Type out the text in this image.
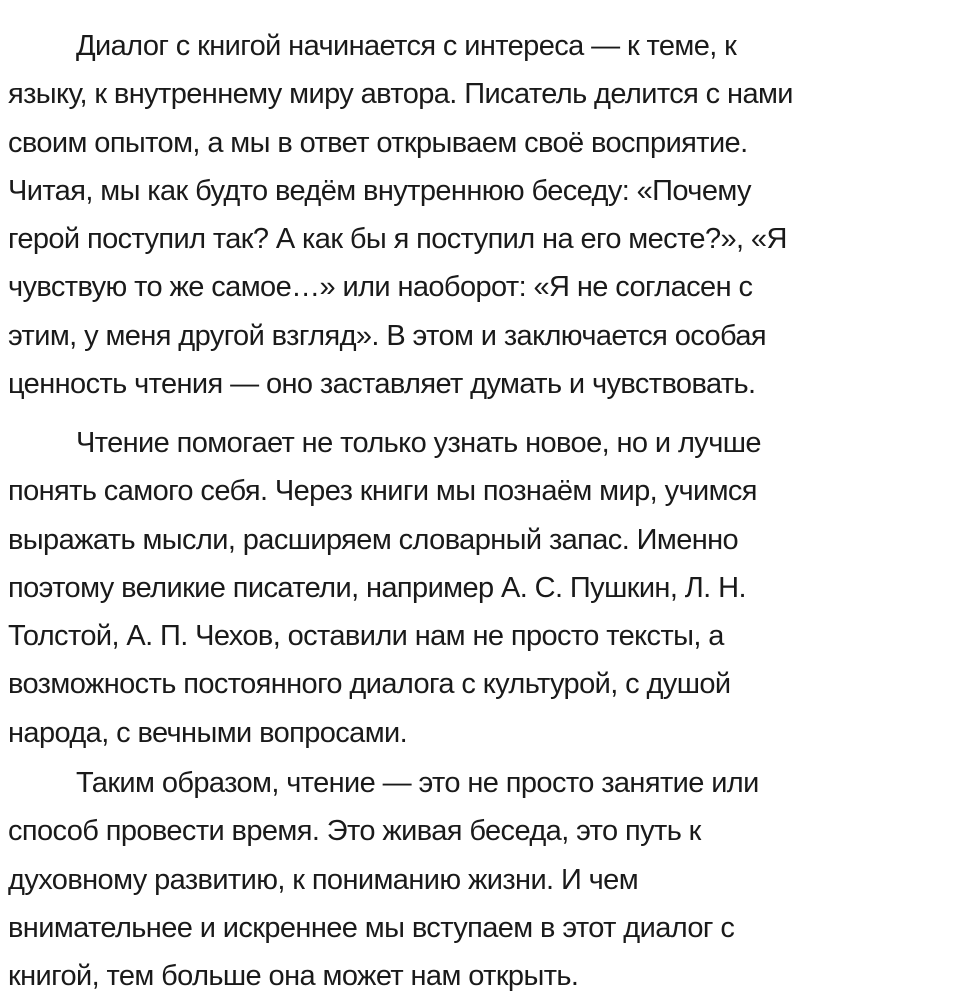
Диалог с книгой начинается с интереса — к теме, к
языку, к внутреннему миру автора. Писатель делится с нами
своим опытом, а мы в ответ открываем своё восприятие.
Читая, мы как будто ведём внутреннюю беседу: «Почему
герой поступил так? А как бы я поступил на его месте?», «Я
чувствую то же самое…» или наоборот: «Я не согласен с
этим, у меня другой взгляд». В этом и заключается особая
ценность чтения — оно заставляет думать и чувствовать.
Чтение помогает не только узнать новое, но и лучше
понять самого себя. Через книги мы познаём мир, учимся
выражать мысли, расширяем словарный запас. Именно
поэтому великие писатели, например А. С. Пушкин, Л. Н.
Толстой, А. П. Чехов, оставили нам не просто тексты, а
возможность постоянного диалога с культурой, с душой
народа, с вечными вопросами.
Таким образом, чтение — это не просто занятие или
способ провести время. Это живая беседа, это путь к
духовному развитию, к пониманию жизни. И чем
внимательнее и искреннее мы вступаем в этот диалог с
книгой, тем больше она может нам открыть.
